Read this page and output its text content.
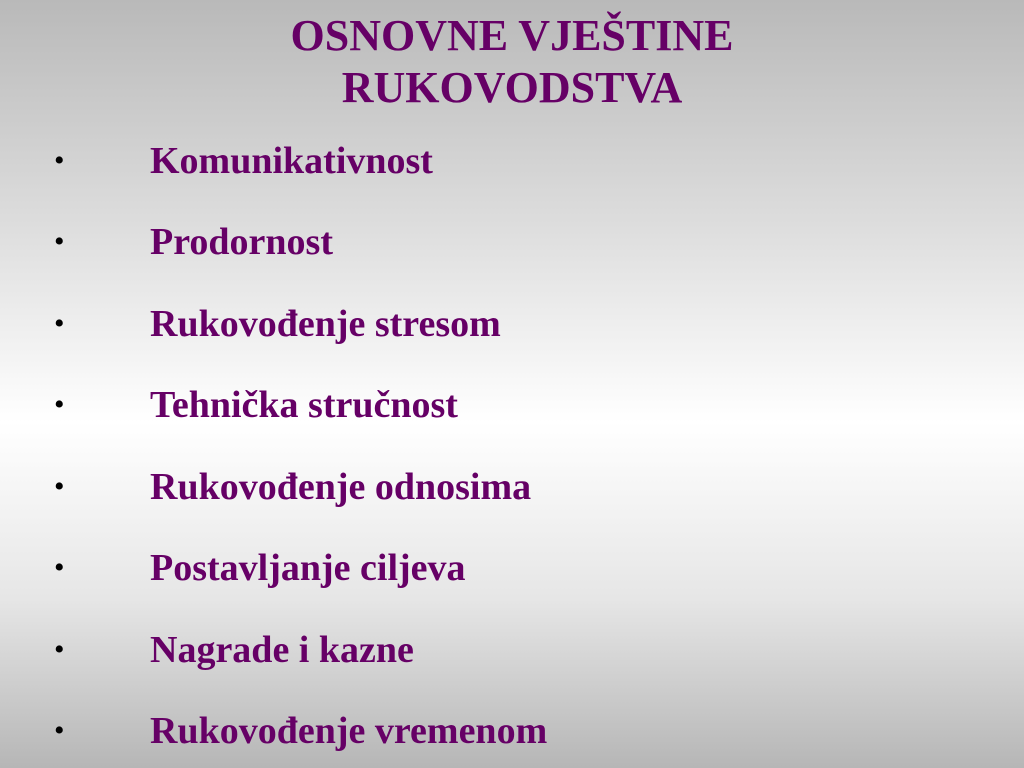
OSNOVNE VJEŠTINE
RUKOVODSTVA
• Komunikativnost
• Prodornost
• Rukovođenje stresom
• Tehnička stručnost
• Rukovođenje odnosima
• Postavljanje ciljeva
• Nagrade i kazne
• Rukovođenje vremenom
